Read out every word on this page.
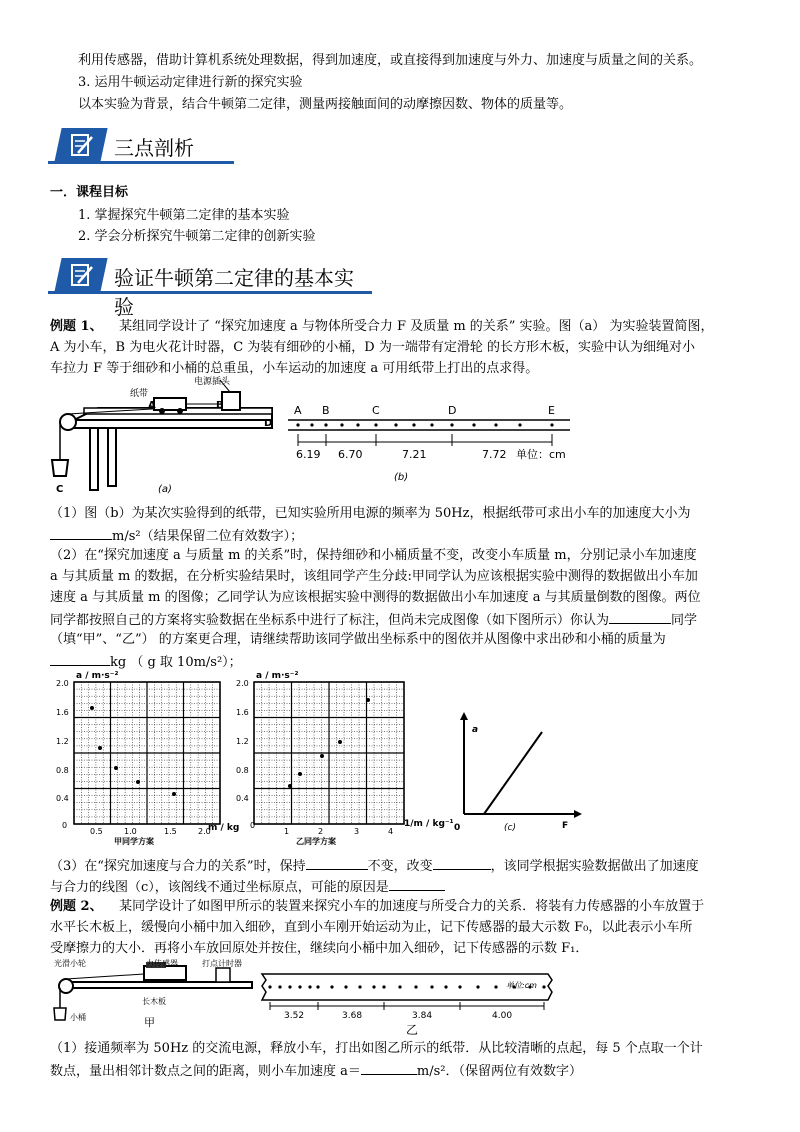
利用传感器，借助计算机系统处理数据，得到加速度，或直接得到加速度与外力、加速度与质量之间的关系。
3. 运用牛顿运动定律进行新的探究实验
以本实验为背景，结合牛顿第二定律，测量两接触面间的动摩擦因数、物体的质量等。
三点剖析
一．课程目标
1. 掌握探究牛顿第二定律的基本实验
2. 学会分析探究牛顿第二定律的创新实验
验证牛顿第二定律的基本实验
例题 1、 某组同学设计了 “探究加速度 a 与物体所受合力 F 及质量 m 的关系” 实验。图（a） 为实验装置简图，
A 为小车，B 为电火花计时器，C 为装有细砂的小桶，D 为一端带有定滑轮 的长方形木板，实验中认为细绳对小
车拉力 F 等于细砂和小桶的总重虽，小车运动的加速度 a 可用纸带上打出的点求得。
纸带
电源插头
A	B
C
D
(a)
A B	C	D	E
6.19 6.70	7.21	7.72 单位：cm
(b)
（1）图（b）为某次实验得到的纸带，已知实验所用电源的频率为 50Hz，根据纸带可求出小车的加速度大小为
m/s²（结果保留二位有效数字）；
（2）在“探究加速度 a 与质量 m 的关系”时，保持细砂和小桶质量不变，改变小车质量 m，分别记录小车加速度
a 与其质量 m 的数据，在分析实验结果时，该组同学产生分歧:甲同学认为应该根据实验中测得的数据做出小车加
速度 a 与其质量 m 的图像；乙同学认为应该根据实验中测得的数据做出小车加速度 a 与其质量倒数的图像。两位
同学都按照自己的方案将实验数据在坐标系中进行了标注，但尚未完成图像（如下图所示）你认为	同学
（填“甲”、“乙”） 的方案更合理，请继续帮助该同学做出坐标系中的图依并从图像中求出砂和小桶的质量为
kg （ g 取 10m/s²）；
a / m·s⁻²
m / kg
甲同学方案
0
0.5	1.0	1.5	2.0
0.4
0.8
1.2
1.6
2.0
a / m·s⁻²
1/m / kg⁻¹
乙同学方案
0
1	2	3	4
0.4
0.8
1.2
1.6
2.0
0
a
F
(c)
（3）在“探究加速度与合力的关系”时，保持	不变，改变	，该同学根据实验数据做出了加速度
与合力的线图（c），该阁线不通过坐标原点，可能的原因是
例题 2、 某同学设计了如图甲所示的装置来探究小车的加速度与所受合力的关系．将装有力传感器的小车放置于
水平长木板上，缓慢向小桶中加入细砂，直到小车刚开始运动为止，记下传感器的最大示数 F₀，以此表示小车所
受摩擦力的大小．再将小车放回原处并按住，继续向小桶中加入细砂，记下传感器的示数 F₁．
光滑小轮	力传感器	打点计时器
长木板
小桶	甲	3.52	3.68	3.84	4.00
单位:cm
乙
（1）接通频率为 50Hz 的交流电源，释放小车，打出如图乙所示的纸带．从比较清晰的点起，每 5 个点取一个计
数点，量出相邻计数点之间的距离，则小车加速度 a＝	m/s²．（保留两位有效数字）
